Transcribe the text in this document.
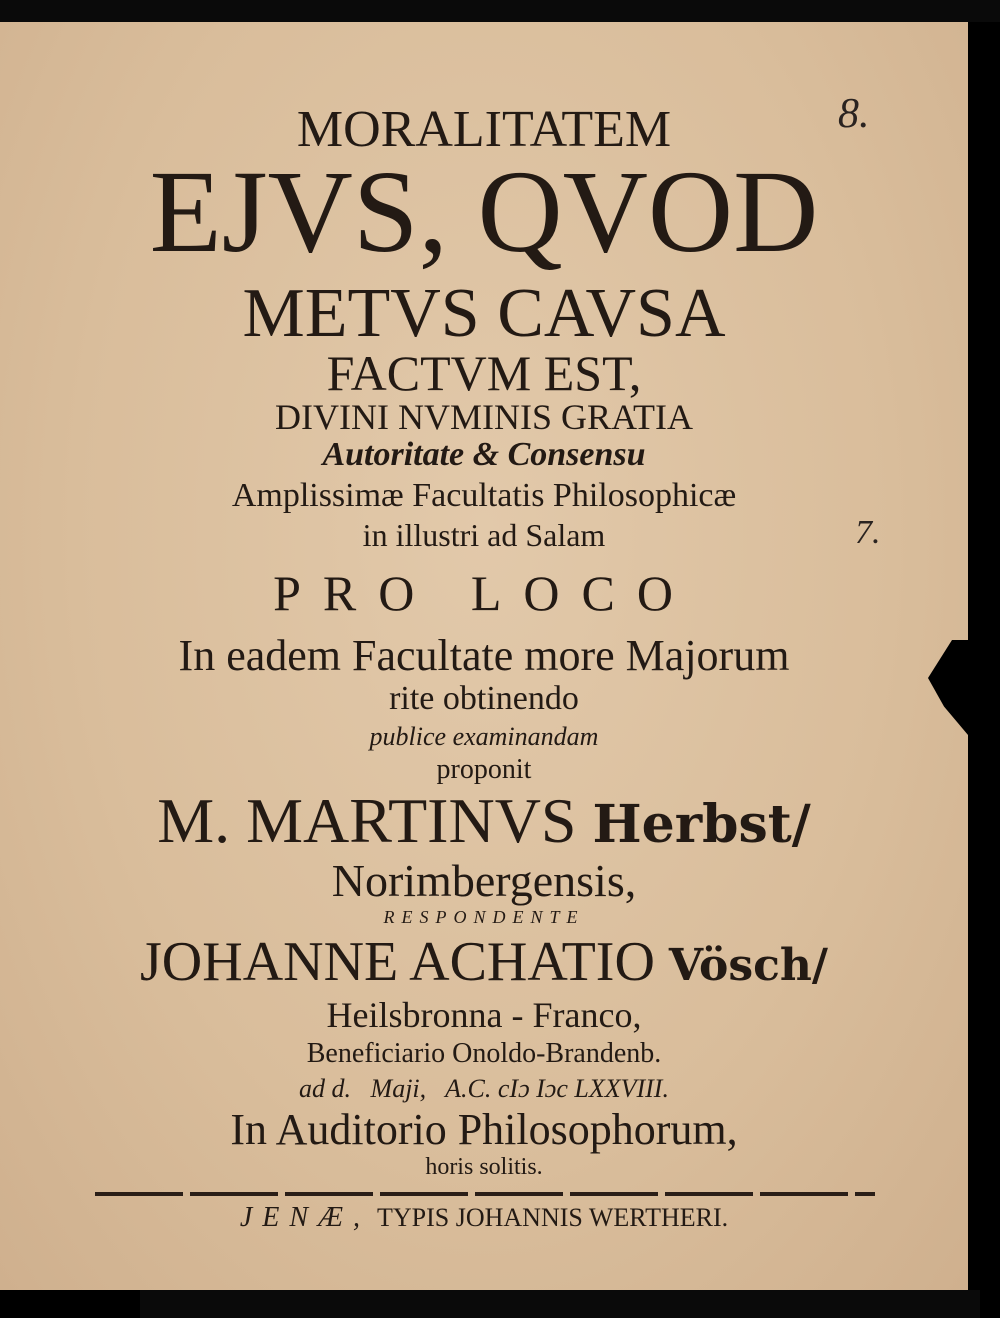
MORALITATEM
EJVS, QVOD
METVS CAVSA
FACTVM EST,
DIVINI NVMINIS GRATIA
Autoritate & Consensu
Amplissimæ Facultatis Philosophicæ
in illustri ad Salam
PRO LOCO
In eadem Facultate more Majorum
rite obtinendo
publice examinandam
proponit
M. MARTINVS Herbst/
Norimbergensis,
RESPONDENTE
JOHANNE ACHATIO Vösch/
Heilsbronna - Franco,
Beneficiario Onoldo-Brandenb.
ad d.   Maji,   A.C. cIɔ Iɔc LXXVIII.
In Auditorio Philosophorum,
horis solitis.
JENÆ, TYPIS JOHANNIS WERTHERI.
8.
7.
